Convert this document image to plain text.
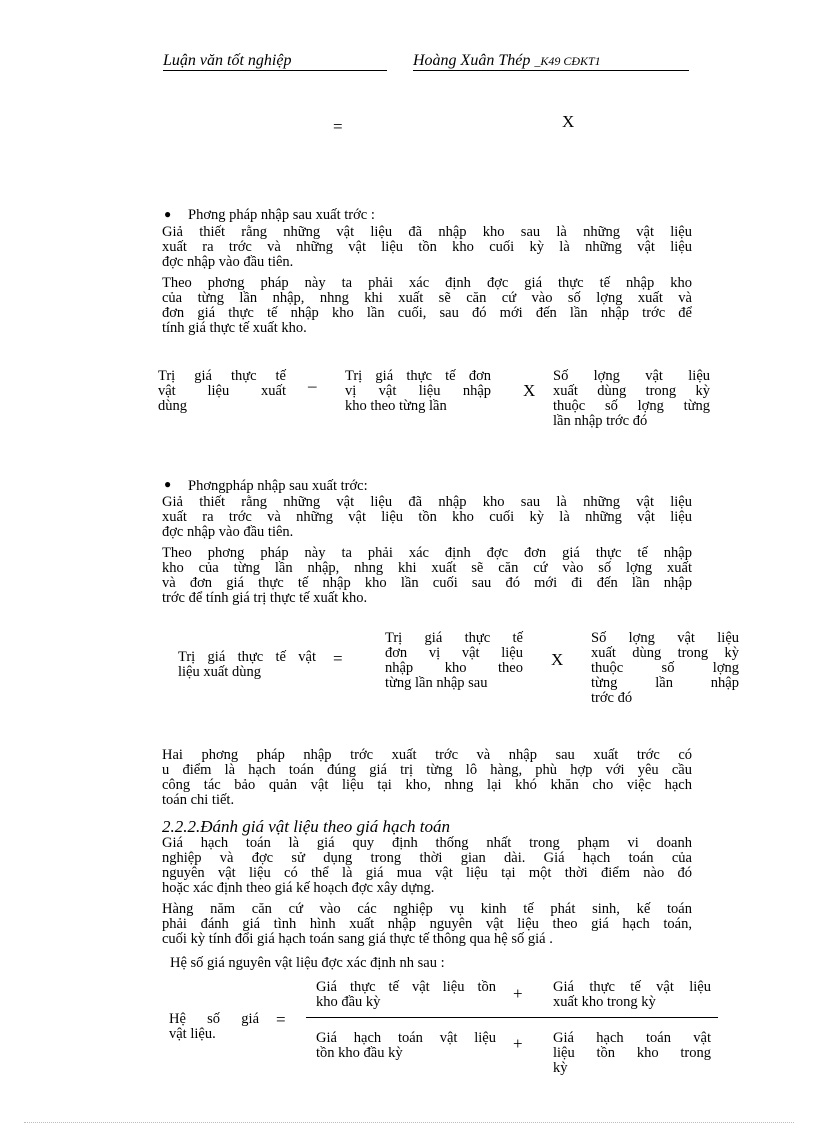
Luận văn tốt nghiệp	Hoàng Xuân Thép _K49 CĐKT1
=	X
● Phơng pháp nhập sau xuất trớc :

Giả thiết rằng những vật liệu đã nhập kho sau là những vật liệu

xuất ra trớc và những vật liệu tồn kho cuối kỳ là những vật liệu

đợc nhập vào đầu tiên.

Theo phơng pháp này ta phải xác định đợc giá thực tế nhập kho

của từng lần nhập, nhng khi xuất sẽ căn cứ vào số lợng xuất và

đơn giá thực tế nhập kho lần cuối, sau đó mới đến lần nhập trớc để

tính giá thực tế xuất kho.

Trị giá thực tế

vật liệu xuất

dùng

– Trị giá thực tế đơn

vị vật liệu nhập

kho theo từng lần

X

Số lợng vật liệu

xuất dùng trong kỳ

thuộc số lợng từng

lần nhập trớc đó

● Phơngpháp nhập sau xuất trớc:

Giả thiết rằng những vật liệu đã nhập kho sau là những vật liệu

xuất ra trớc và những vật liệu tồn kho cuối kỳ là những vật liệu

đợc nhập vào đầu tiên.

Theo phơng pháp này ta phải xác định đợc đơn giá thực tế nhập

kho của từng lần nhập, nhng khi xuất sẽ căn cứ vào số lợng xuất

và đơn giá thực tế nhập kho lần cuối sau đó mới đi đến lần nhập

trớc để tính giá trị thực tế xuất kho.

Trị giá thực tế vật

liệu xuất dùng

=

Trị giá thực tế

đơn vị vật liệu

nhập kho theo

từng lần nhập sau

X

Số lợng vật liệu

xuất dùng trong kỳ

thuộc số lợng

từng lần nhập

trớc đó

Hai phơng pháp nhập trớc xuất trớc và nhập sau xuất trớc có

u điểm là hạch toán đúng giá trị từng lô hàng, phù hợp với yêu cầu

công tác bảo quản vật liệu tại kho, nhng lại khó khăn cho việc hạch

toán chi tiết.

2.2.2.Đánh giá vật liệu theo giá hạch toán

Giá hạch toán là giá quy định thống nhất trong phạm vi doanh

nghiệp và đợc sử dụng trong thời gian dài. Giá hạch toán của

nguyên vật liệu có thể là giá mua vật liệu tại một thời điểm nào đó

hoặc xác định theo giá kế hoạch đợc xây dựng.

Hàng năm căn cứ vào các nghiệp vụ kinh tế phát sinh, kế toán

phải đánh giá tình hình xuất nhập nguyên vật liệu theo giá hạch toán,

cuối kỳ tính đổi giá hạch toán sang giá thực tế thông qua hệ số giá .

Hệ số giá nguyên vật liệu đợc xác định nh sau :

Hệ số giá

vật liệu.

=

Giá thực tế vật liệu tồn

kho đầu kỳ	+ Giá thực tế vật liệu

xuất kho trong kỳ

Giá hạch toán vật liệu

tồn kho đầu kỳ	+ Giá hạch toán vật

liệu tồn kho trong

kỳ
